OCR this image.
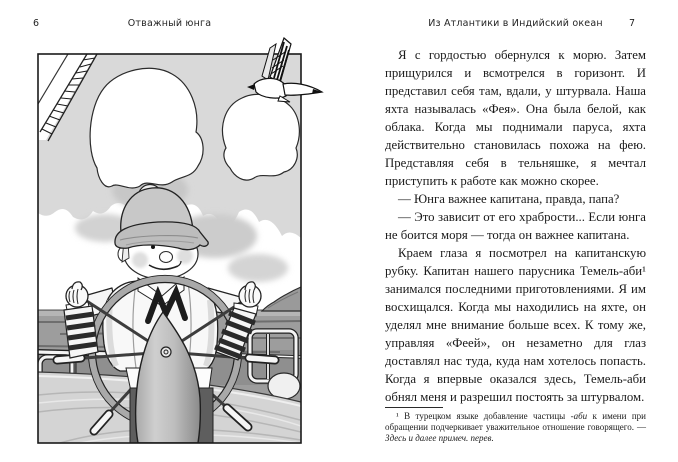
6	Отважный юнга	Из Атлантики в Индийский океан	7

Я с гордостью обернулся к морю. Затем прищурился и всмотрелся в горизонт. И представил себя там, вдали, у штурвала. Наша яхта называлась «Фея». Она была белой, как облака. Когда мы поднимали паруса, яхта действительно становилась похожа на фею. Представляя себя в тельняшке, я мечтал приступить к работе как можно скорее.

— Юнга важнее капитана, правда, папа?

— Это зависит от его храбрости... Если юнга не боится моря — тогда он важнее капитана.

Краем глаза я посмотрел на капитанскую рубку. Капитан нашего парусника Темель-аби¹ занимался последними приготовлениями. Я им восхищался. Когда мы находились на яхте, он уделял мне внимание больше всех. К тому же, управляя «Феей», он незаметно для глаз доставлял нас туда, куда нам хотелось попасть. Когда я впервые оказался здесь, Темель-аби обнял меня и разрешил постоять за штурвалом.

¹ В турецком языке добавление частицы -аби к имени при обращении подчеркивает уважительное отношение говорящего. — Здесь и далее примеч. перев.
